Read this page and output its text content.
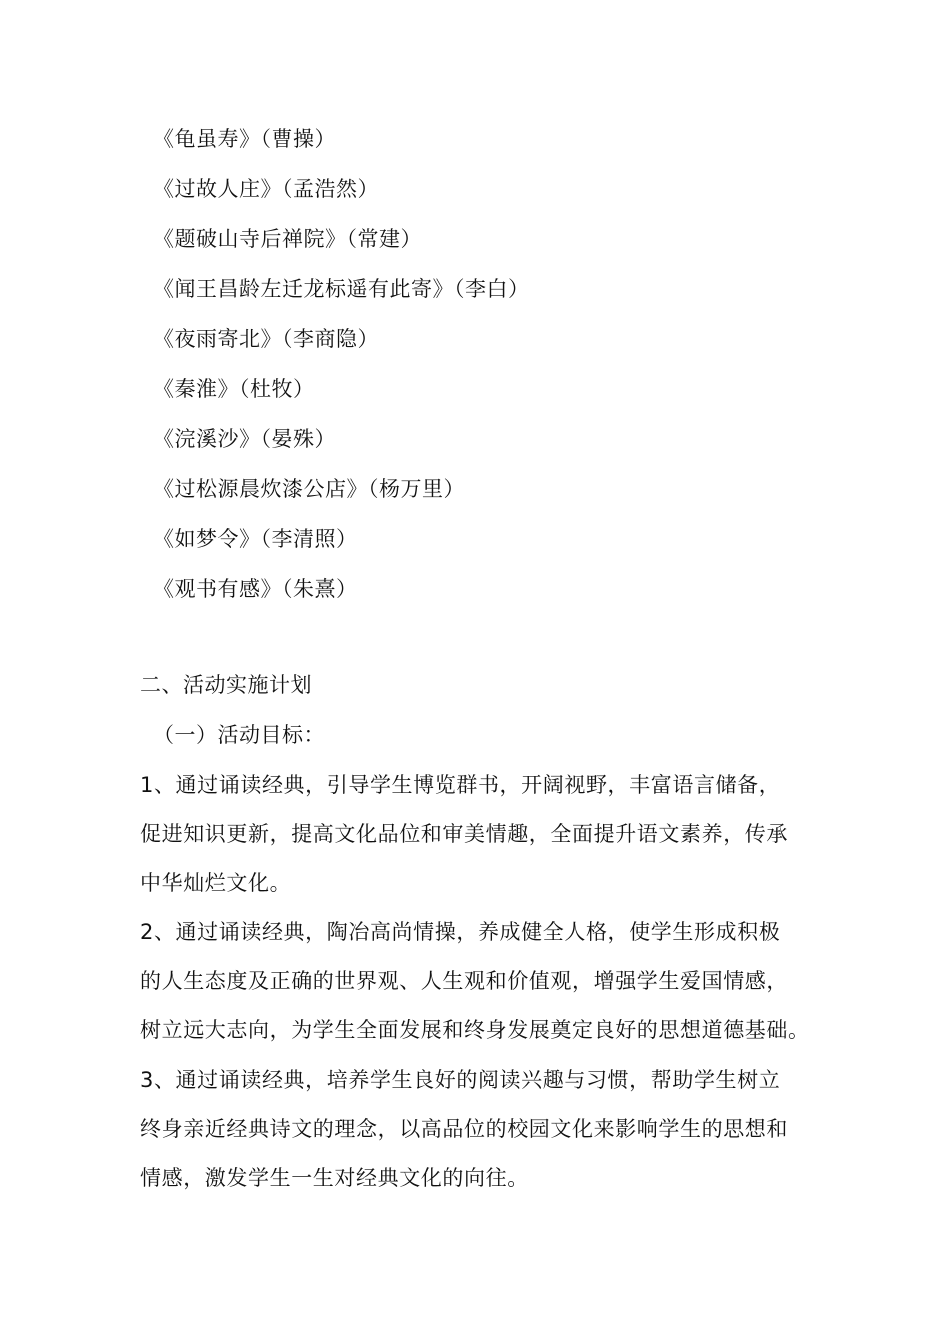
《龟虽寿》（曹操）
《过故人庄》（孟浩然）
《题破山寺后禅院》（常建）
《闻王昌龄左迁龙标遥有此寄》（李白）
《夜雨寄北》（李商隐）
《秦淮》（杜牧）
《浣溪沙》（晏殊）
《过松源晨炊漆公店》（杨万里）
《如梦令》（李清照）
《观书有感》（朱熹）
二、活动实施计划
（一）活动目标：
1、通过诵读经典，引导学生博览群书，开阔视野，丰富语言储备，
促进知识更新，提高文化品位和审美情趣，全面提升语文素养，传承
中华灿烂文化。
2、通过诵读经典，陶冶高尚情操，养成健全人格，使学生形成积极
的人生态度及正确的世界观、人生观和价值观，增强学生爱国情感，
树立远大志向，为学生全面发展和终身发展奠定良好的思想道德基础。
3、通过诵读经典，培养学生良好的阅读兴趣与习惯，帮助学生树立
终身亲近经典诗文的理念，以高品位的校园文化来影响学生的思想和
情感，激发学生一生对经典文化的向往。
